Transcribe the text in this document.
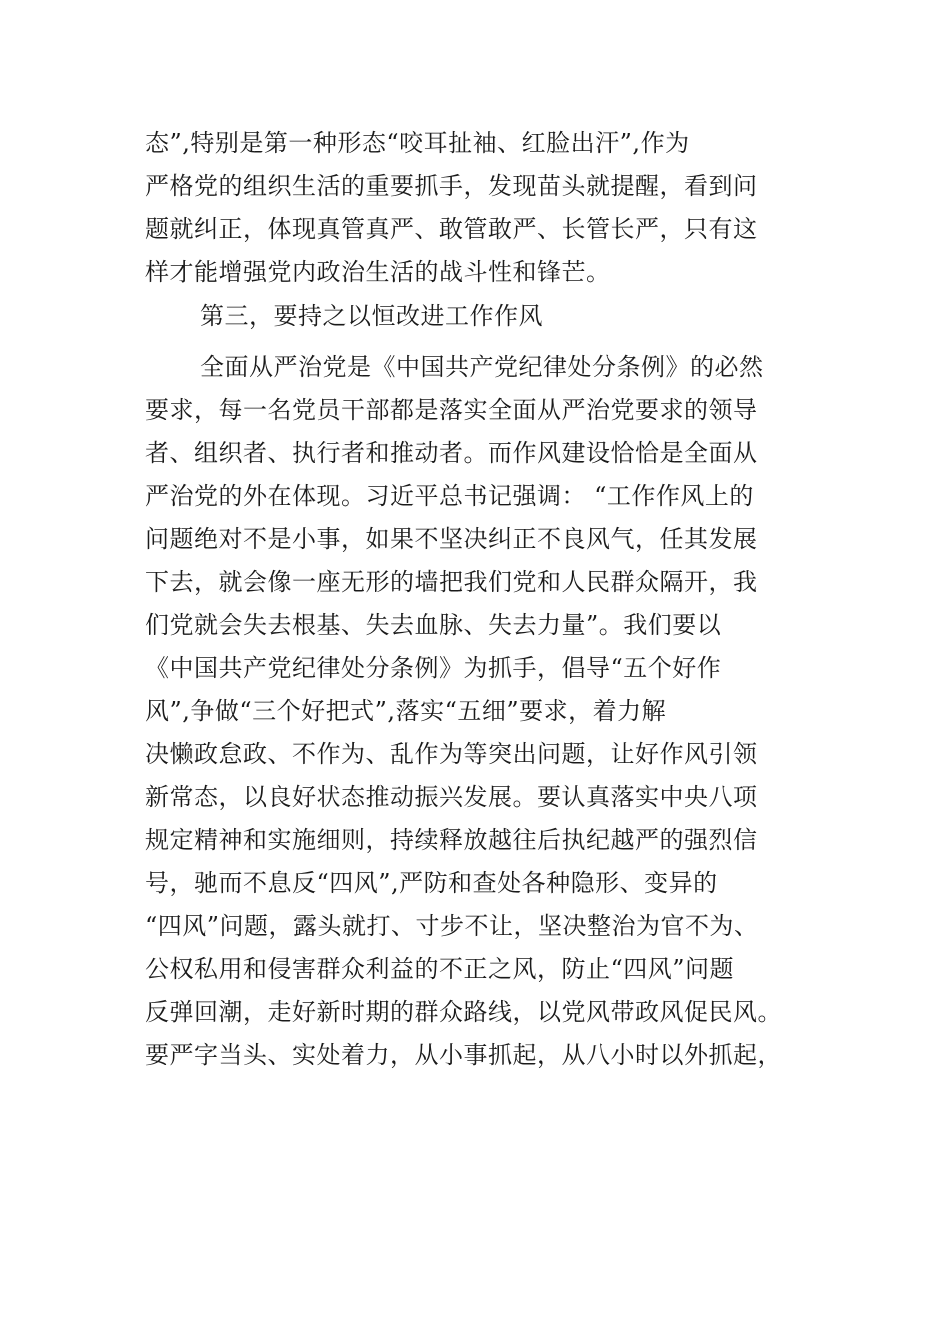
态”,特别是第一种形态“咬耳扯袖、红脸出汗”,作为
严格党的组织生活的重要抓手，发现苗头就提醒，看到问
题就纠正，体现真管真严、敢管敢严、长管长严，只有这
样才能增强党内政治生活的战斗性和锋芒。
第三，要持之以恒改进工作作风
全面从严治党是《中国共产党纪律处分条例》的必然
要求，每一名党员干部都是落实全面从严治党要求的领导
者、组织者、执行者和推动者。而作风建设恰恰是全面从
严治党的外在体现。习近平总书记强调： “工作作风上的
问题绝对不是小事，如果不坚决纠正不良风气，任其发展
下去，就会像一座无形的墙把我们党和人民群众隔开，我
们党就会失去根基、失去血脉、失去力量”。我们要以
《中国共产党纪律处分条例》为抓手，倡导“五个好作
风”,争做“三个好把式”,落实“五细”要求，着力解
决懒政怠政、不作为、乱作为等突出问题，让好作风引领
新常态，以良好状态推动振兴发展。要认真落实中央八项
规定精神和实施细则，持续释放越往后执纪越严的强烈信
号，驰而不息反“四风”,严防和查处各种隐形、变异的
“四风”问题，露头就打、寸步不让，坚决整治为官不为、
公权私用和侵害群众利益的不正之风，防止“四风”问题
反弹回潮，走好新时期的群众路线，以党风带政风促民风。
要严字当头、实处着力，从小事抓起，从八小时以外抓起，
